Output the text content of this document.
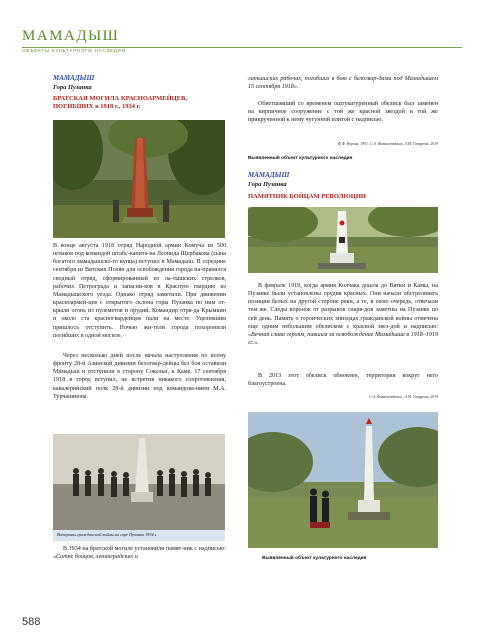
МАМАДЫШ
ОБЪЕКТЫ КУЛЬТУРНОГО НАСЛЕДИЯ
МАМАДЫШ
Гора Пузанка
БРАТСКАЯ МОГИЛА КРАСНОАРМЕЙЦЕВ,
ПОГИБШИХ в 1918 г., 1934 г.
В конце августа 1918 отряд Народной армии Комуча из 500 штыков под командой штабс-капита-на Леонида Щербакова (сына богатого мамадышско-го купца) вступил в Мамадыш. В середине сентября из Вятских Полян для освобождения города на-правился сводный отряд, сформированный из ла-тышских стрелков, рабочих Петрограда и запасни-ков в Красную гвардию из Мамадышского уезда. Однако отряд заметили. При движении красноармей-цев с открытого склона горы Пузанка по ним от-крыли огонь из пулеметов и орудий. Командир отря-да Крымкин и около ста красногвардейцев пали на месте. Уцелевшим пришлось отступить. Ночью жи-тели города похоронили погибших в одной могиле.
Через несколько дней после начала наступления по всему фронту 28-й Азинской дивизии белогвар-дейцы без боя оставили Мамадыш и отступили в сторону Сокольи, к Каме. 17 сентября 1918 в город вступил, не встретив никакого сопротивления, кавалерийский полк 28-й дивизии под командова-нием М.А. Турчанинова.
Ветераны гражданской войны на горе Пузанка 1934 г.
В 1934 на братской могиле установили памят-ник с надписью: «Сотне бойцов, ленинградских и
латышских рабочих, погибших в бою с белогвар-дами под Мамадышем 15 сентября 1918».
Обветшавший со временем оштукатуренный обелиск был заменен на кирпичное сооружение с той же красной звездой и той же прикрученной к нему чугунной плитой с надписью.
Ф.Ф. Нурова, 1991; С.А. Фатахетдинов, А.М. Гатурова, 2019
Выявленный объект культурного наследия
МАМАДЫШ
Гора Пузанка
ПАМЯТНИК БОЙЦАМ РЕВОЛЮЦИИ
В феврале 1919, когда армия Колчака дошла до Вятки и Камы, на Пузанке были установлены орудия красных. Они начали обстреливать позиции белых на другой стороне реки, а те, в свою очередь, отвечали тем же. Следы воронок от разрывов снаря-дов заметны на Пузанке по сей день. Память о героических эпизодах гражданской войны отмечена еще одним небольшим обелиском с красной звез-дой и надписью: «Вечная слава героям, павшим за освобождение Мамадыша в 1918–1919 гг.».
В 2013 этот обелиск обновлен, территория вокруг него благоустроена.
С.А. Фатахетдинов., А.М. Гатурова, 2019
Выявленный объект культурного наследия
588
